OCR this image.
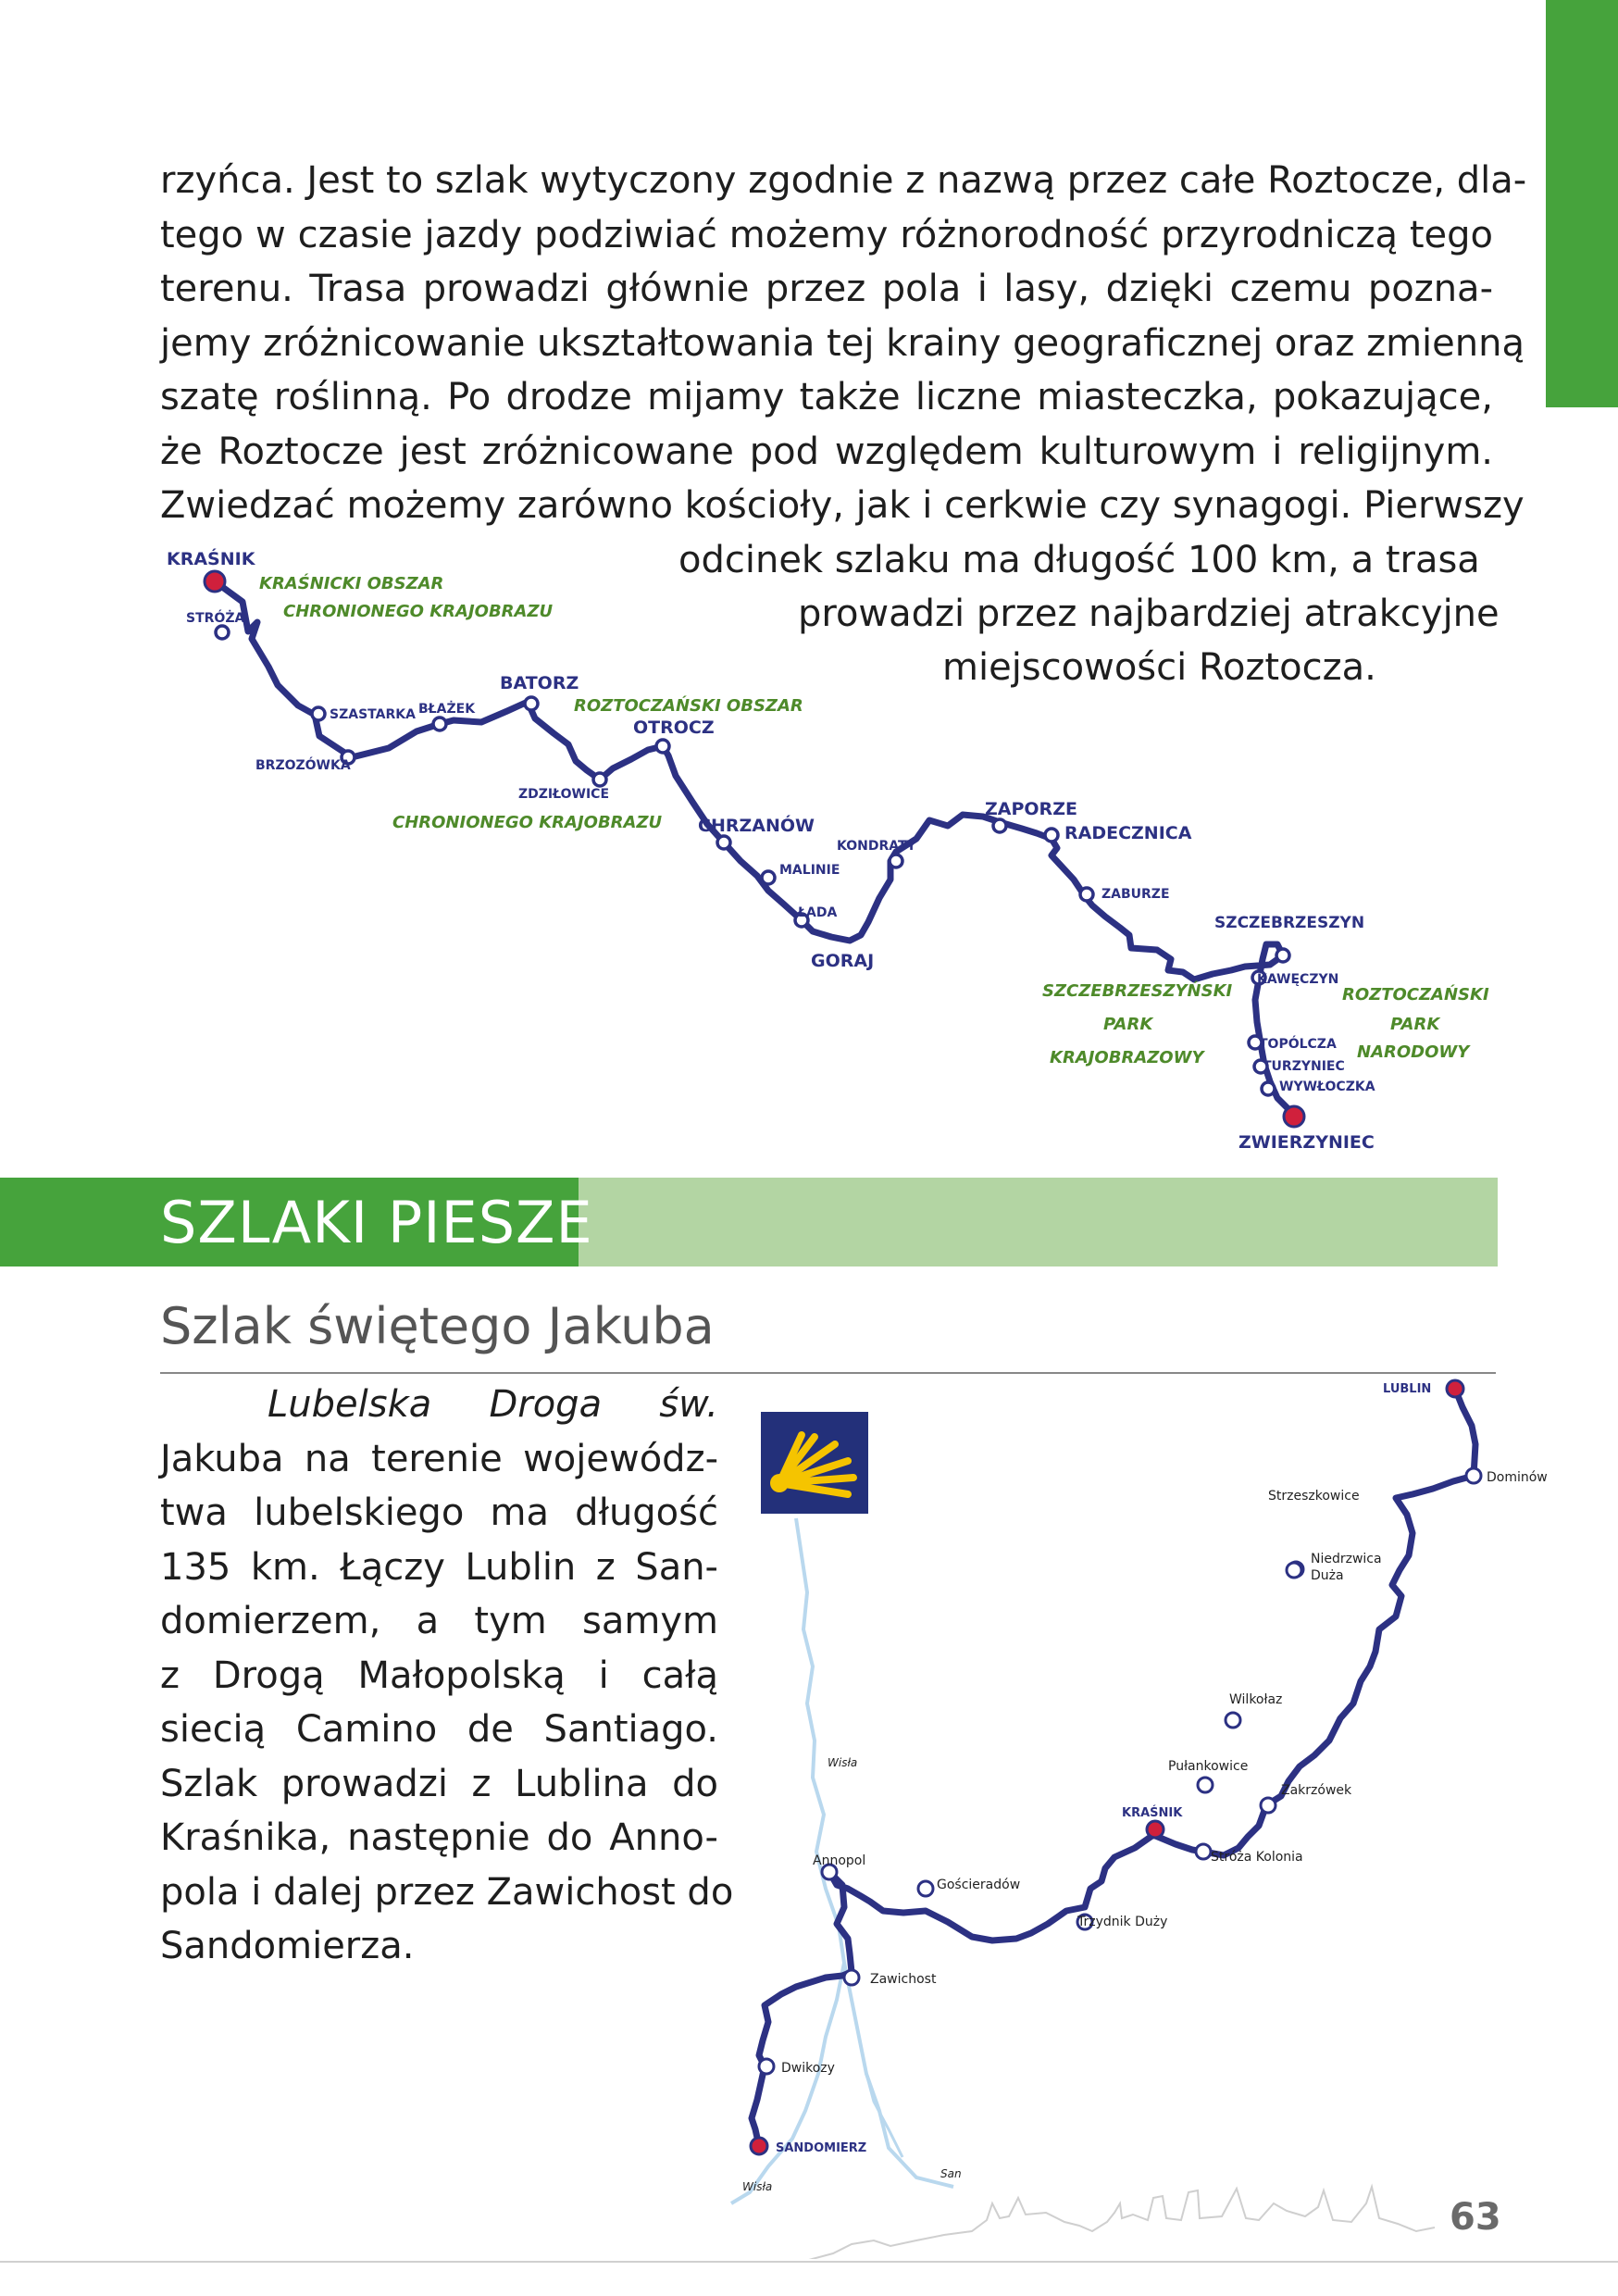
rzyńca. Jest to szlak wytyczony zgodnie z nazwą przez całe Roztocze, dla-
tego w czasie jazdy podziwiać możemy różnorodność przyrodniczą tego
terenu. Trasa prowadzi głównie przez pola i lasy, dzięki czemu pozna-
jemy zróżnicowanie ukształtowania tej krainy geograficznej oraz zmienną
szatę roślinną. Po drodze mijamy także liczne miasteczka, pokazujące,
że Roztocze jest zróżnicowane pod względem kulturowym i religijnym.
Zwiedzać możemy zarówno kościoły, jak i cerkwie czy synagogi. Pierwszy
odcinek szlaku ma długość 100 km, a trasa
prowadzi przez najbardziej atrakcyjne
miejscowości Roztocza.
KRAŚNIK
STRÓŻA
BRZOZÓWKA
SZASTARKA BŁAŻEK
BATORZ
OTROCZ
ZDZIŁOWICE
CHRZANÓW
MALINIE
ŁADA
GORAJ
KONDRATY
ZAPORZE
RADECZNICA
ZABURZE
SZCZEBRZESZYN
KAWĘCZYN
TOPÓLCZA
TURZYNIEC
WYWŁOCZKA
ZWIERZYNIEC
KRAŚNICKI OBSZAR
CHRONIONEGO KRAJOBRAZU
ROZTOCZAŃSKI OBSZAR
CHRONIONEGO KRAJOBRAZU
SZCZEBRZESZYŃSKI
PARK
KRAJOBRAZOWY
ROZTOCZAŃSKI
PARK
NARODOWY
SZLAKI PIESZE
Szlak świętego Jakuba
Lubelska Droga św.
Jakuba na terenie wojewódz-
twa lubelskiego ma długość
135 km. Łączy Lublin z San-
domierzem, a tym samym
z Drogą Małopolską i całą
siecią Camino de Santiago.
Szlak prowadzi z Lublina do
Kraśnika, następnie do Anno-
pola i dalej przez Zawichost do
Sandomierza.
LUBLIN
Dominów
Strzeszkowice
Niedrzwica
Duża
Wilkołaz
Pułankowice
Zakrzówek
KRAŚNIK
Stróża Kolonia
Trzydnik Duży
Gościeradów
Annopol
Zawichost
Dwikozy
SANDOMIERZ
Wisła
Wisła
San
63
